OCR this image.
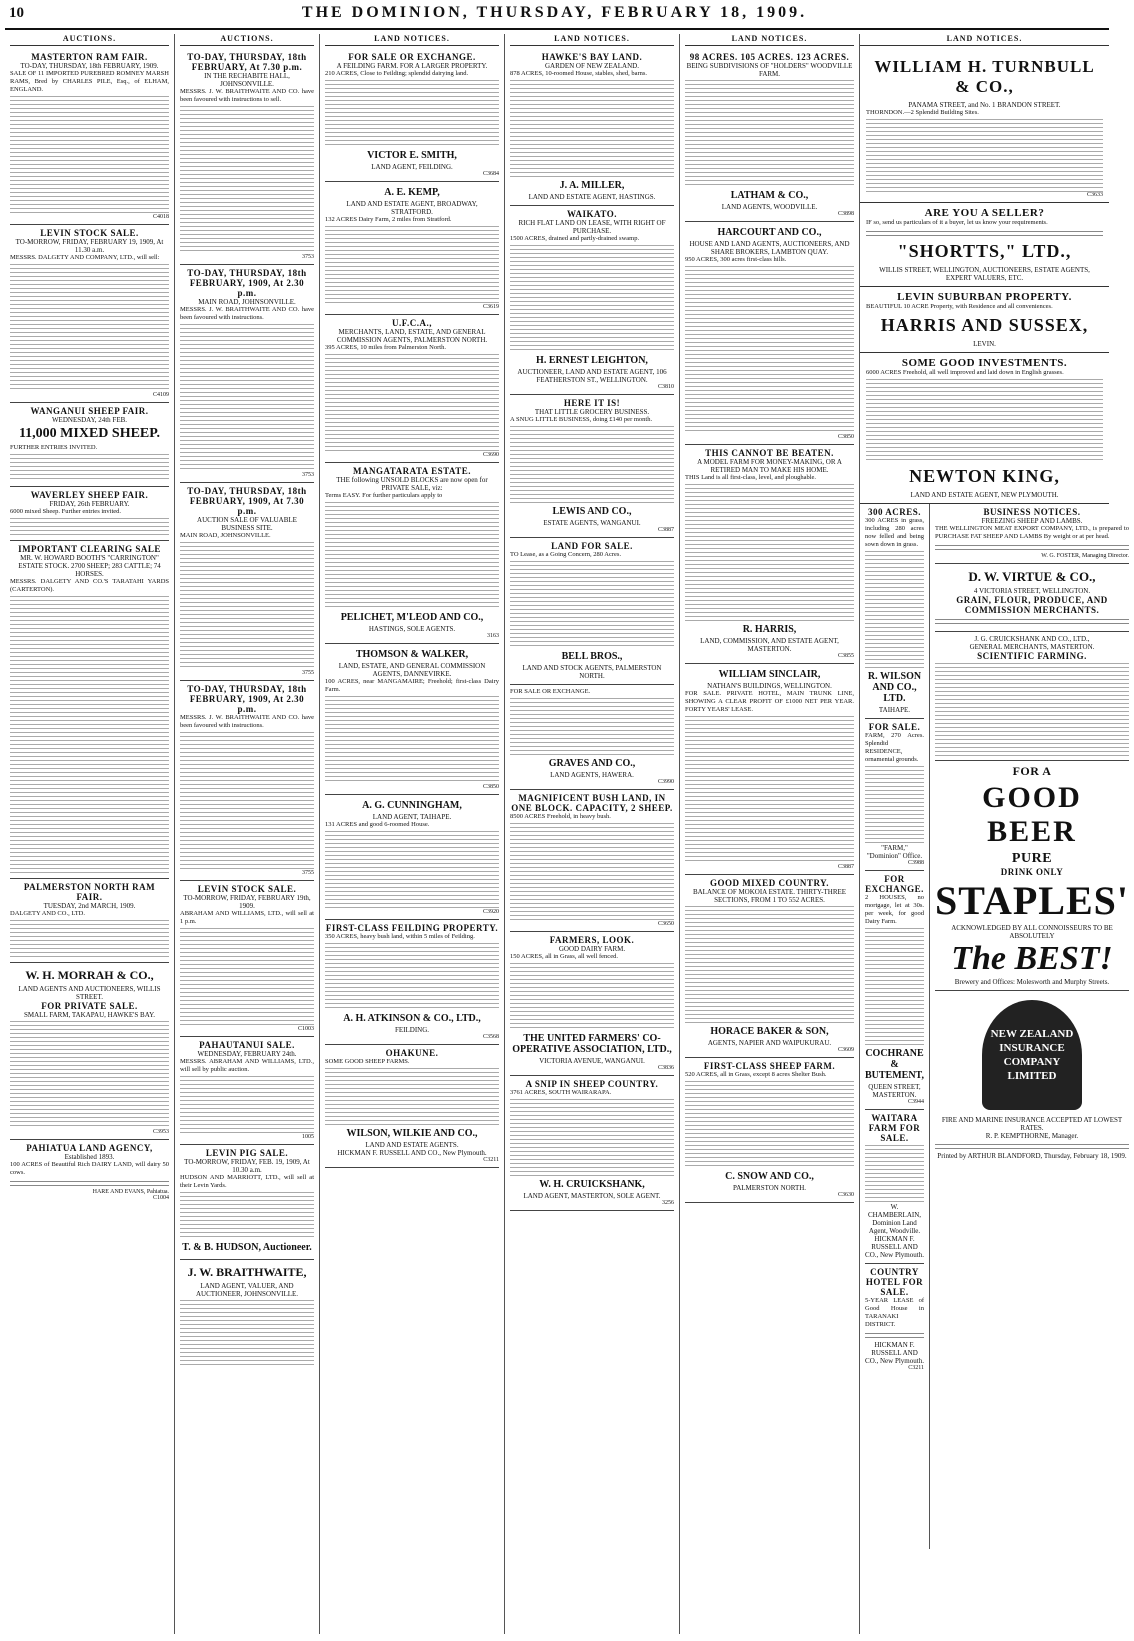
10	THE DOMINION, THURSDAY, FEBRUARY 18, 1909.
AUCTIONS.
MASTERTON RAM FAIR.
TO-DAY, THURSDAY, 18th FEBRUARY, 1909.
SALE OF 11 IMPORTED PUREBRED ROMNEY MARSH RAMS, Bred by CHARLES PILE, Esq., of ELHAM, ENGLAND.
C4018
LEVIN STOCK SALE.
TO-MORROW, FRIDAY, FEBRUARY 19, 1909, At 11.30 a.m.
MESSRS. DALGETY AND COMPANY, LTD., will sell:
C4109
WANGANUI SHEEP FAIR.
WEDNESDAY, 24th FEB.
11,000 MIXED SHEEP.
FURTHER ENTRIES INVITED.
WAVERLEY SHEEP FAIR.
FRIDAY, 26th FEBRUARY.
6000 mixed Sheep. Further entries invited.
IMPORTANT CLEARING SALE
MR. W. HOWARD BOOTH'S "CARRINGTON" ESTATE STOCK. 2700 SHEEP; 283 CATTLE; 74 HORSES.
MESSRS. DALGETY AND CO.'S TARATAHI YARDS (CARTERTON).
PALMERSTON NORTH RAM FAIR.
TUESDAY, 2nd MARCH, 1909.
DALGETY AND CO., LTD.
W. H. MORRAH & CO.,
LAND AGENTS AND AUCTIONEERS, WILLIS STREET.
FOR PRIVATE SALE.
SMALL FARM, TAKAPAU, HAWKE'S BAY.
C3953
PAHIATUA LAND AGENCY,
Established 1893.
100 ACRES of Beautiful Rich DAIRY LAND, will dairy 50 cows.
HARE AND EVANS, Pahiatua.
C1004
AUCTIONS.
TO-DAY, THURSDAY, 18th FEBRUARY, At 7.30 p.m.
IN THE RECHABITE HALL, JOHNSONVILLE.
MESSRS. J. W. BRAITHWAITE AND CO. have been favoured with instructions to sell.
3753
TO-DAY, THURSDAY, 18th FEBRUARY, 1909, At 2.30 p.m.
MAIN ROAD, JOHNSONVILLE.
MESSRS. J. W. BRAITHWAITE AND CO. have been favoured with instructions.
3753
TO-DAY, THURSDAY, 18th FEBRUARY, 1909, At 7.30 p.m.
AUCTION SALE OF VALUABLE BUSINESS SITE.
MAIN ROAD, JOHNSONVILLE.
3755
TO-DAY, THURSDAY, 18th FEBRUARY, 1909, At 2.30 p.m.
MESSRS. J. W. BRAITHWAITE AND CO. have been favoured with instructions.
3755
LEVIN STOCK SALE.
TO-MORROW, FRIDAY, FEBRUARY 19th, 1909.
ABRAHAM AND WILLIAMS, LTD., will sell at 1 p.m.
C1003
PAHAUTANUI SALE.
WEDNESDAY, FEBRUARY 24th.
MESSRS. ABRAHAM AND WILLIAMS, LTD., will sell by public auction.
1005
LEVIN PIG SALE.
TO-MORROW, FRIDAY, FEB. 19, 1909, At 10.30 a.m.
HUDSON AND MARRIOTT, LTD., will sell at their Levin Yards.
T. & B. HUDSON, Auctioneer.
J. W. BRAITHWAITE,
LAND AGENT, VALUER, AND AUCTIONEER, JOHNSONVILLE.
LAND NOTICES.
FOR SALE OR EXCHANGE.
A FEILDING FARM. FOR A LARGER PROPERTY.
210 ACRES, Close to Feilding; splendid dairying land.
VICTOR E. SMITH,
LAND AGENT, FEILDING.
C3684
A. E. KEMP,
LAND AND ESTATE AGENT, BROADWAY, STRATFORD.
132 ACRES Dairy Farm, 2 miles from Stratford.
C3619
U.F.C.A.,
MERCHANTS, LAND, ESTATE, AND GENERAL COMMISSION AGENTS, PALMERSTON NORTH.
395 ACRES, 10 miles from Palmerston North.
C3690
MANGATARATA ESTATE.
THE following UNSOLD BLOCKS are now open for PRIVATE SALE, viz:
Terms EASY. For further particulars apply to
PELICHET, M'LEOD AND CO.,
HASTINGS, SOLE AGENTS.
3163
THOMSON & WALKER,
LAND, ESTATE, AND GENERAL COMMISSION AGENTS, DANNEVIRKE.
100 ACRES, near MANGAMAIRE; Freehold; first-class Dairy Farm.
C3850
A. G. CUNNINGHAM,
LAND AGENT, TAIHAPE.
131 ACRES and good 6-roomed House.
C3920
FIRST-CLASS FEILDING PROPERTY.
350 ACRES, heavy bush land, within 5 miles of Feilding.
A. H. ATKINSON & CO., LTD.,
FEILDING.
C3568
OHAKUNE.
SOME GOOD SHEEP FARMS.
WILSON, WILKIE AND CO.,
LAND AND ESTATE AGENTS.
HICKMAN F. RUSSELL AND CO., New Plymouth.
C3211
LAND NOTICES.
HAWKE'S BAY LAND.
GARDEN OF NEW ZEALAND.
878 ACRES, 10-roomed House, stables, shed, barns.
J. A. MILLER,
LAND AND ESTATE AGENT, HASTINGS.
WAIKATO.
RICH FLAT LAND ON LEASE, WITH RIGHT OF PURCHASE.
1500 ACRES, drained and partly-drained swamp.
H. ERNEST LEIGHTON,
AUCTIONEER, LAND AND ESTATE AGENT, 106 FEATHERSTON ST., WELLINGTON.
C3810
HERE IT IS!
THAT LITTLE GROCERY BUSINESS.
A SNUG LITTLE BUSINESS, doing £140 per month.
LEWIS AND CO.,
ESTATE AGENTS, WANGANUI.
C3887
LAND FOR SALE.
TO Lease, as a Going Concern, 280 Acres.
BELL BROS.,
LAND AND STOCK AGENTS, PALMERSTON NORTH.
FOR SALE OR EXCHANGE.
GRAVES AND CO.,
LAND AGENTS, HAWERA.
C3990
MAGNIFICENT BUSH LAND, IN ONE BLOCK. CAPACITY, 2 SHEEP.
8500 ACRES Freehold, in heavy bush.
C3650
FARMERS, LOOK.
GOOD DAIRY FARM.
150 ACRES, all in Grass, all well fenced.
THE UNITED FARMERS' CO-OPERATIVE ASSOCIATION, LTD.,
VICTORIA AVENUE, WANGANUI.
C3836
A SNIP IN SHEEP COUNTRY.
3761 ACRES, SOUTH WAIRARAPA.
W. H. CRUICKSHANK,
LAND AGENT, MASTERTON, SOLE AGENT.
3256
LAND NOTICES.
98 ACRES. 105 ACRES. 123 ACRES.
BEING SUBDIVISIONS OF "HOLDERS" WOODVILLE FARM.
LATHAM & CO.,
LAND AGENTS, WOODVILLE.
C3898
HARCOURT AND CO.,
HOUSE AND LAND AGENTS, AUCTIONEERS, AND SHARE BROKERS, LAMBTON QUAY.
950 ACRES, 300 acres first-class hills.
C3850
THIS CANNOT BE BEATEN.
A MODEL FARM FOR MONEY-MAKING, OR A RETIRED MAN TO MAKE HIS HOME.
THIS Land is all first-class, level, and ploughable.
R. HARRIS,
LAND, COMMISSION, AND ESTATE AGENT, MASTERTON.
C3855
WILLIAM SINCLAIR,
NATHAN'S BUILDINGS, WELLINGTON.
FOR SALE. PRIVATE HOTEL, MAIN TRUNK LINE, SHOWING A CLEAR PROFIT OF £1000 NET PER YEAR. FORTY YEARS' LEASE.
C3887
GOOD MIXED COUNTRY.
BALANCE OF MOKOIA ESTATE. THIRTY-THREE SECTIONS, FROM 1 TO 552 ACRES.
HORACE BAKER & SON,
AGENTS, NAPIER AND WAIPUKURAU.
C3609
FIRST-CLASS SHEEP FARM.
520 ACRES, all in Grass, except 8 acres Shelter Bush.
C. SNOW AND CO.,
PALMERSTON NORTH.
C3630
LAND NOTICES.
WILLIAM H. TURNBULL & CO.,
PANAMA STREET, and No. 1 BRANDON STREET.
THORNDON.—2 Splendid Building Sites.
C3633
ARE YOU A SELLER?
IF so, send us particulars of it a buyer, let us know your requirements.
"SHORTTS," LTD.,
WILLIS STREET, WELLINGTON, AUCTIONEERS, ESTATE AGENTS, EXPERT VALUERS, ETC.
LEVIN SUBURBAN PROPERTY.
BEAUTIFUL 10 ACRE Property, with Residence and all conveniences.
HARRIS AND SUSSEX,
LEVIN.
SOME GOOD INVESTMENTS.
6000 ACRES Freehold, all well improved and laid down in English grasses.
NEWTON KING,
LAND AND ESTATE AGENT, NEW PLYMOUTH.
300 ACRES.
300 ACRES in grass, including 280 acres now felled and being sown down in grass.
R. WILSON AND CO., LTD.
TAIHAPE.
FOR SALE.
FARM, 270 Acres. Splendid RESIDENCE, ornamental grounds.
"FARM," "Dominion" Office.
C3988
FOR EXCHANGE.
2 HOUSES, no mortgage, let at 30s. per week, for good Dairy Farm.
COCHRANE & BUTEMENT,
QUEEN STREET, MASTERTON.
C3944
WAITARA FARM FOR SALE.
W. CHAMBERLAIN,
Dominion Land Agent, Woodville.
HICKMAN F. RUSSELL AND CO., New Plymouth.
COUNTRY HOTEL FOR SALE.
5-YEAR LEASE of Good House in TARANAKI DISTRICT.
HICKMAN F. RUSSELL AND CO., New Plymouth.
C3211
BUSINESS NOTICES.
FREEZING SHEEP AND LAMBS.
THE WELLINGTON MEAT EXPORT COMPANY, LTD., is prepared to PURCHASE FAT SHEEP AND LAMBS By weight or at per head.
W. G. FOSTER, Managing Director.
D. W. VIRTUE & CO.,
4 VICTORIA STREET, WELLINGTON.
GRAIN, FLOUR, PRODUCE, AND COMMISSION MERCHANTS.
J. G. CRUICKSHANK AND CO., LTD.,
GENERAL MERCHANTS, MASTERTON.
SCIENTIFIC FARMING.
FOR A
GOOD BEER
PURE
DRINK ONLY
STAPLES'
ACKNOWLEDGED BY ALL CONNOISSEURS TO BE ABSOLUTELY
The BEST!
Brewery and Offices: Molesworth and Murphy Streets.
NEW ZEALAND
INSURANCE
COMPANY
LIMITED
FIRE AND MARINE INSURANCE ACCEPTED AT LOWEST RATES.
R. P. KEMPTHORNE, Manager.
Printed by ARTHUR BLANDFORD, Thursday, February 18, 1909.
